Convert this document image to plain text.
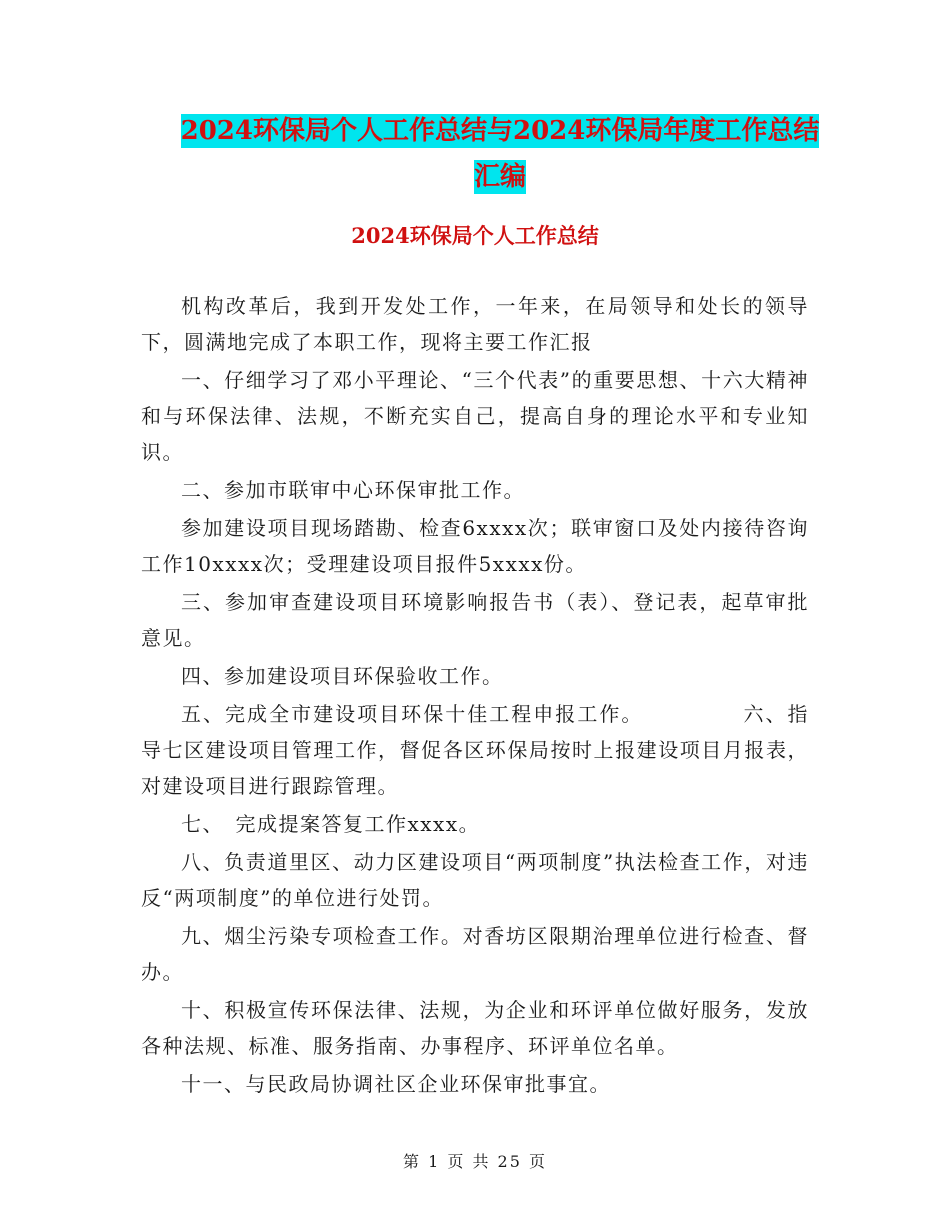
2024环保局个人工作总结与2024环保局年度工作总结
汇编
2024环保局个人工作总结

机构改革后，我到开发处工作，一年来，在局领导和处长的领导下，圆满地完成了本职工作，现将主要工作汇报

一、仔细学习了邓小平理论、“三个代表”的重要思想、十六大精神和与环保法律、法规，不断充实自己，提高自身的理论水平和专业知识。

二、参加市联审中心环保审批工作。

参加建设项目现场踏勘、检查6xxxx次；联审窗口及处内接待咨询工作10xxxx次；受理建设项目报件5xxxx份。

三、参加审查建设项目环境影响报告书（表）、登记表，起草审批意见。

四、参加建设项目环保验收工作。

五、完成全市建设项目环保十佳工程申报工作。　　　　　六、指导七区建设项目管理工作，督促各区环保局按时上报建设项目月报表，对建设项目进行跟踪管理。

七、　完成提案答复工作xxxx。

八、负责道里区、动力区建设项目“两项制度”执法检查工作，对违反“两项制度”的单位进行处罚。

九、烟尘污染专项检查工作。对香坊区限期治理单位进行检查、督办。

十、积极宣传环保法律、法规，为企业和环评单位做好服务，发放各种法规、标准、服务指南、办事程序、环评单位名单。

十一、与民政局协调社区企业环保审批事宜。

第 1 页 共 25 页
